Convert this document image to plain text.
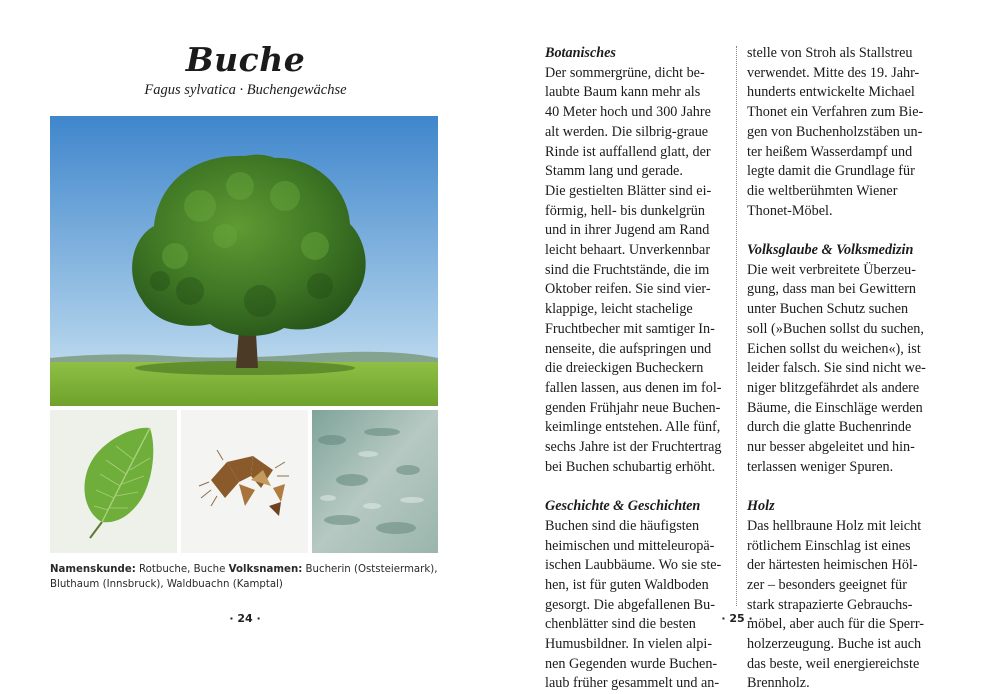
Buche
Fagus sylvatica · Buchengewächse
Namenskunde: Rotbuche, Buche Volksnamen: Bucherin (Oststeiermark),
Bluthaum (Innsbruck), Waldbuachn (Kamptal)
· 24 ·

Botanisches

Der sommergrüne, dicht be-
laubte Baum kann mehr als
40 Meter hoch und 300 Jahre
alt werden. Die silbrig-graue
Rinde ist auffallend glatt, der
Stamm lang und gerade.
Die gestielten Blätter sind ei-
förmig, hell- bis dunkelgrün
und in ihrer Jugend am Rand
leicht behaart. Unverkennbar
sind die Fruchtstände, die im
Oktober reifen. Sie sind vier-
klappige, leicht stachelige
Fruchtbecher mit samtiger In-
nenseite, die aufspringen und
die dreieckigen Bucheckern
fallen lassen, aus denen im fol-
genden Frühjahr neue Buchen-
keimlinge entstehen. Alle fünf,
sechs Jahre ist der Fruchtertrag
bei Buchen schubartig erhöht.

Geschichte & Geschichten

Buchen sind die häufigsten
heimischen und mitteleuropä-
ischen Laubbäume. Wo sie ste-
hen, ist für guten Waldboden
gesorgt. Die abgefallenen Bu-
chenblätter sind die besten
Humusbildner. In vielen alpi-
nen Gegenden wurde Buchen-
laub früher gesammelt und an-
stelle von Stroh als Stallstreu
verwendet. Mitte des 19. Jahr-
hunderts entwickelte Michael
Thonet ein Verfahren zum Bie-
gen von Buchenholzstäben un-
ter heißem Wasserdampf und
legte damit die Grundlage für
die weltberühmten Wiener
Thonet-Möbel.

Volksglaube & Volksmedizin

Die weit verbreitete Überzeu-
gung, dass man bei Gewittern
unter Buchen Schutz suchen
soll (»Buchen sollst du suchen,
Eichen sollst du weichen«), ist
leider falsch. Sie sind nicht we-
niger blitzgefährdet als andere
Bäume, die Einschläge werden
durch die glatte Buchenrinde
nur besser abgeleitet und hin-
terlassen weniger Spuren.

Holz

Das hellbraune Holz mit leicht
rötlichem Einschlag ist eines
der härtesten heimischen Höl-
zer – besonders geeignet für
stark strapazierte Gebrauchs-
möbel, aber auch für die Sperr-
holzerzeugung. Buche ist auch
das beste, weil energiereichste
Brennholz.
· 25 ·
